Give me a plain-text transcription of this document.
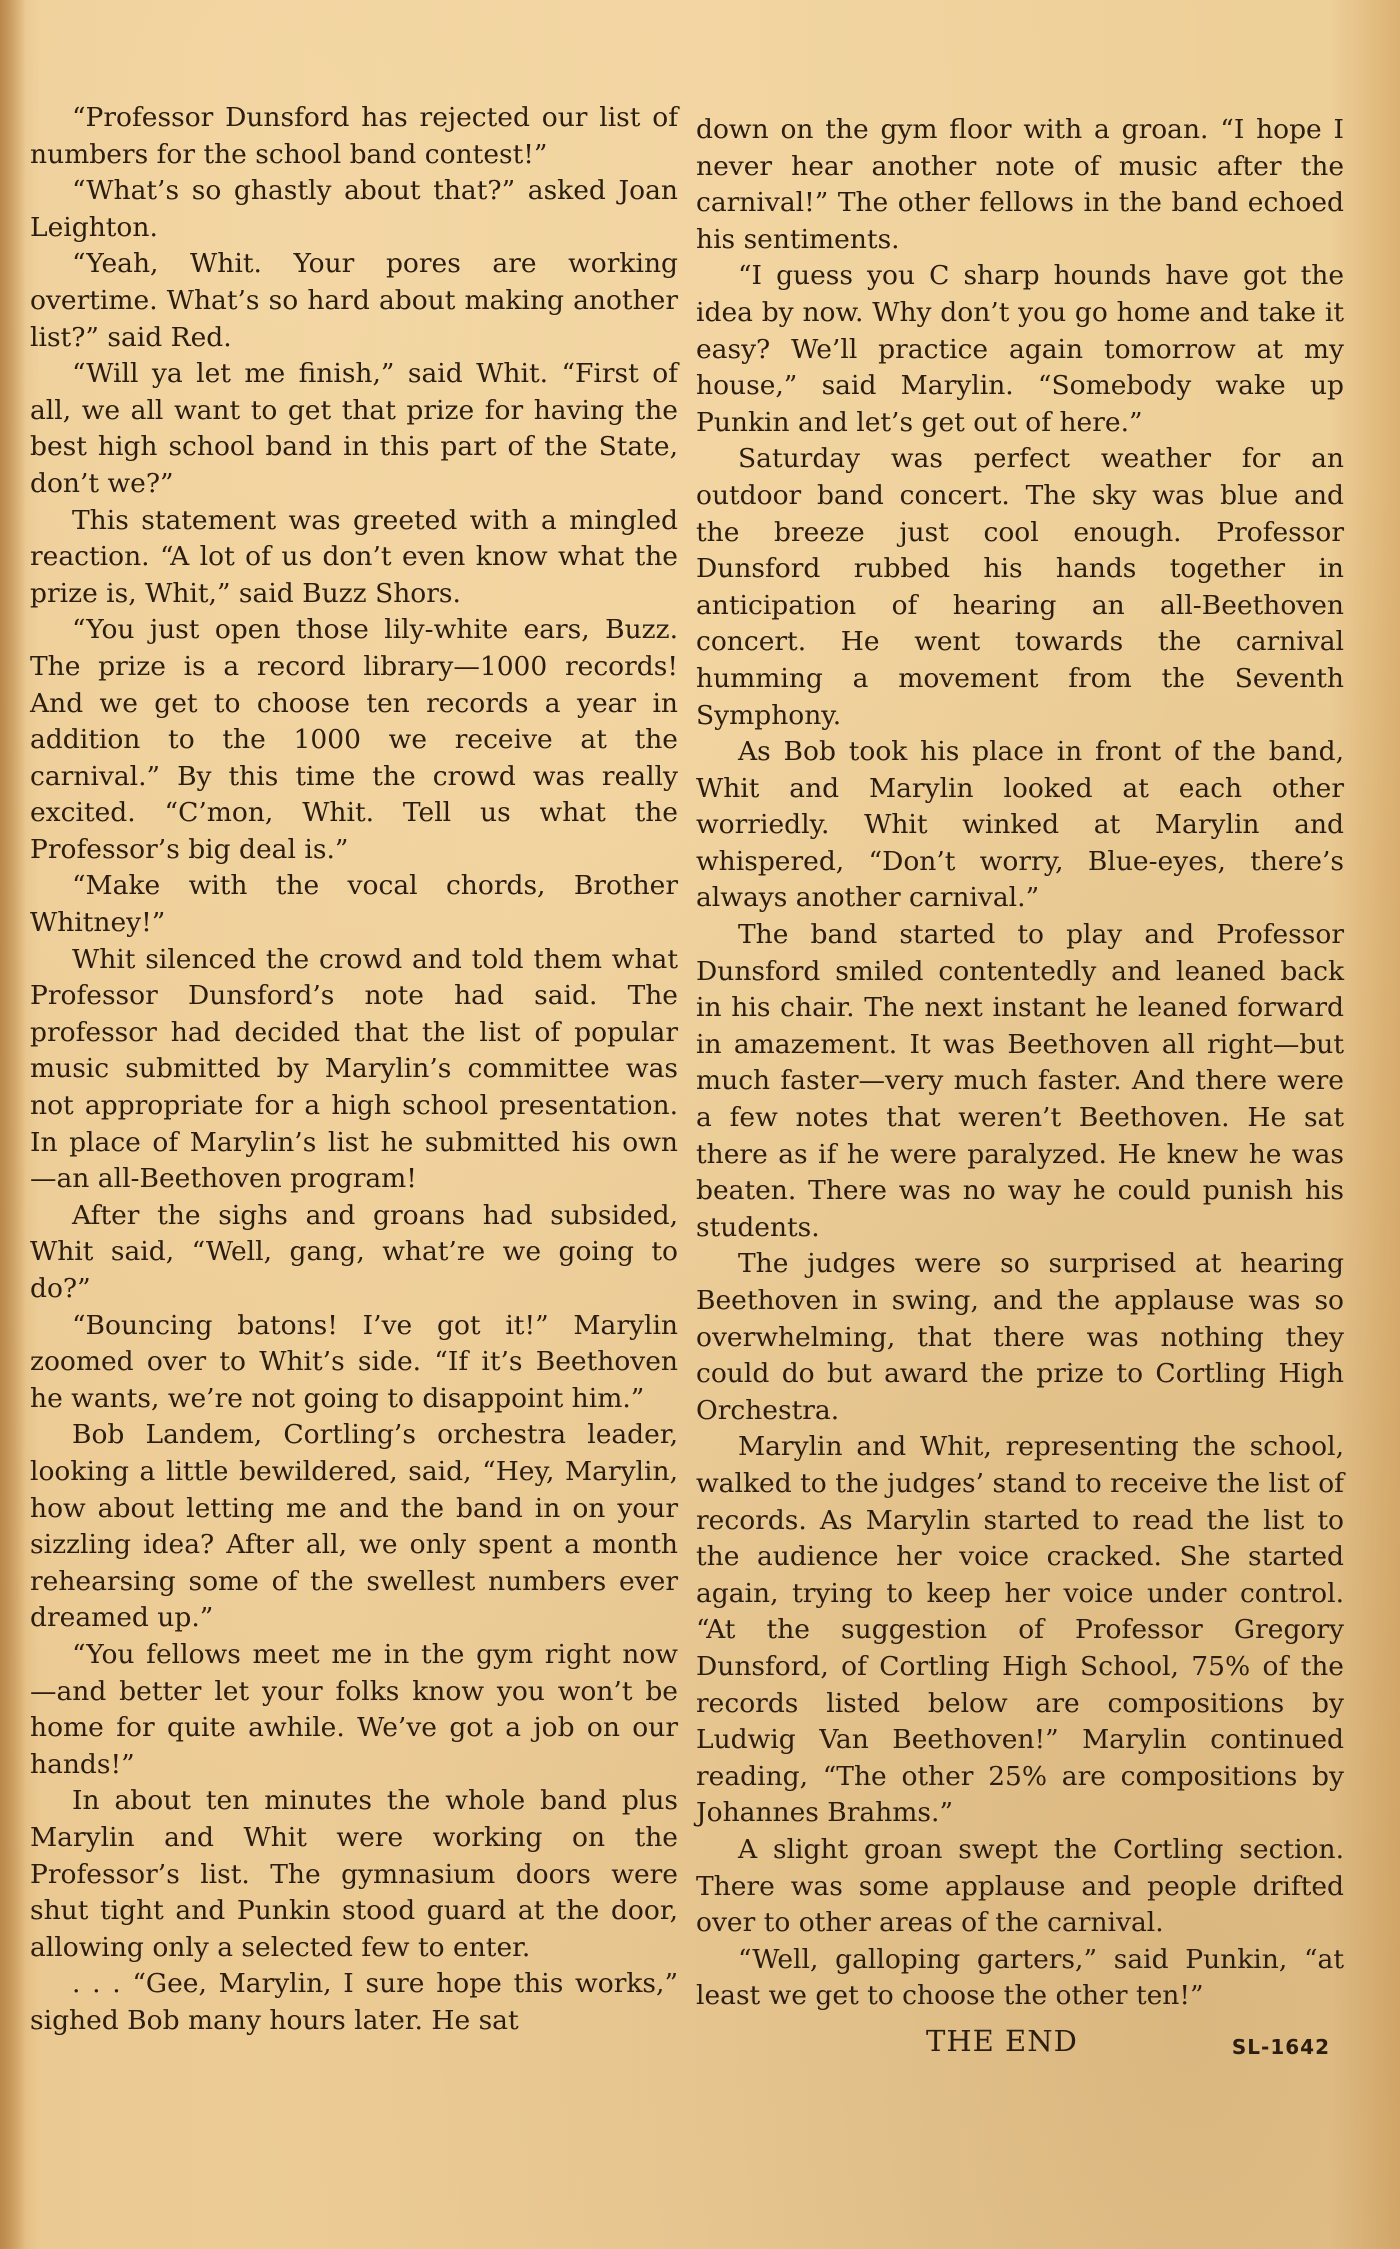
“Professor Dunsford has rejected our list of numbers for the school band contest!”

“What’s so ghastly about that?” asked Joan Leighton.

“Yeah, Whit. Your pores are working overtime. What’s so hard about making another list?” said Red.

“Will ya let me finish,” said Whit. “First of all, we all want to get that prize for having the best high school band in this part of the State, don’t we?”

This statement was greeted with a mingled reaction. “A lot of us don’t even know what the prize is, Whit,” said Buzz Shors.

“You just open those lily-white ears, Buzz. The prize is a record library—1000 records! And we get to choose ten records a year in addition to the 1000 we receive at the carnival.” By this time the crowd was really excited. “C’mon, Whit. Tell us what the Professor’s big deal is.”

“Make with the vocal chords, Brother Whitney!”

Whit silenced the crowd and told them what Professor Dunsford’s note had said. The professor had decided that the list of popular music submitted by Marylin’s committee was not appropriate for a high school presentation. In place of Marylin’s list he submitted his own—an all-Beethoven program!

After the sighs and groans had subsided, Whit said, “Well, gang, what’re we going to do?”

“Bouncing batons! I’ve got it!” Marylin zoomed over to Whit’s side. “If it’s Beethoven he wants, we’re not going to disappoint him.”

Bob Landem, Cortling’s orchestra leader, looking a little bewildered, said, “Hey, Marylin, how about letting me and the band in on your sizzling idea? After all, we only spent a month rehearsing some of the swellest numbers ever dreamed up.”

“You fellows meet me in the gym right now—and better let your folks know you won’t be home for quite awhile. We’ve got a job on our hands!”

In about ten minutes the whole band plus Marylin and Whit were working on the Professor’s list. The gymnasium doors were shut tight and Punkin stood guard at the door, allowing only a selected few to enter.

. . . “Gee, Marylin, I sure hope this works,” sighed Bob many hours later. He sat

down on the gym floor with a groan. “I hope I never hear another note of music after the carnival!” The other fellows in the band echoed his sentiments.

“I guess you C sharp hounds have got the idea by now. Why don’t you go home and take it easy? We’ll practice again tomorrow at my house,” said Marylin. “Somebody wake up Punkin and let’s get out of here.”

Saturday was perfect weather for an outdoor band concert. The sky was blue and the breeze just cool enough. Professor Dunsford rubbed his hands together in anticipation of hearing an all-Beethoven concert. He went towards the carnival humming a movement from the Seventh Symphony.

As Bob took his place in front of the band, Whit and Marylin looked at each other worriedly. Whit winked at Marylin and whispered, “Don’t worry, Blue-eyes, there’s always another carnival.”

The band started to play and Professor Dunsford smiled contentedly and leaned back in his chair. The next instant he leaned forward in amazement. It was Beethoven all right—but much faster—very much faster. And there were a few notes that weren’t Beethoven. He sat there as if he were paralyzed. He knew he was beaten. There was no way he could punish his students.

The judges were so surprised at hearing Beethoven in swing, and the applause was so overwhelming, that there was nothing they could do but award the prize to Cortling High Orchestra.

Marylin and Whit, representing the school, walked to the judges’ stand to receive the list of records. As Marylin started to read the list to the audience her voice cracked. She started again, trying to keep her voice under control. “At the suggestion of Professor Gregory Dunsford, of Cortling High School, 75% of the records listed below are compositions by Ludwig Van Beethoven!” Marylin continued reading, “The other 25% are compositions by Johannes Brahms.”

A slight groan swept the Cortling section. There was some applause and people drifted over to other areas of the carnival.

“Well, galloping garters,” said Punkin, “at least we get to choose the other ten!”

THE END	SL-1642
